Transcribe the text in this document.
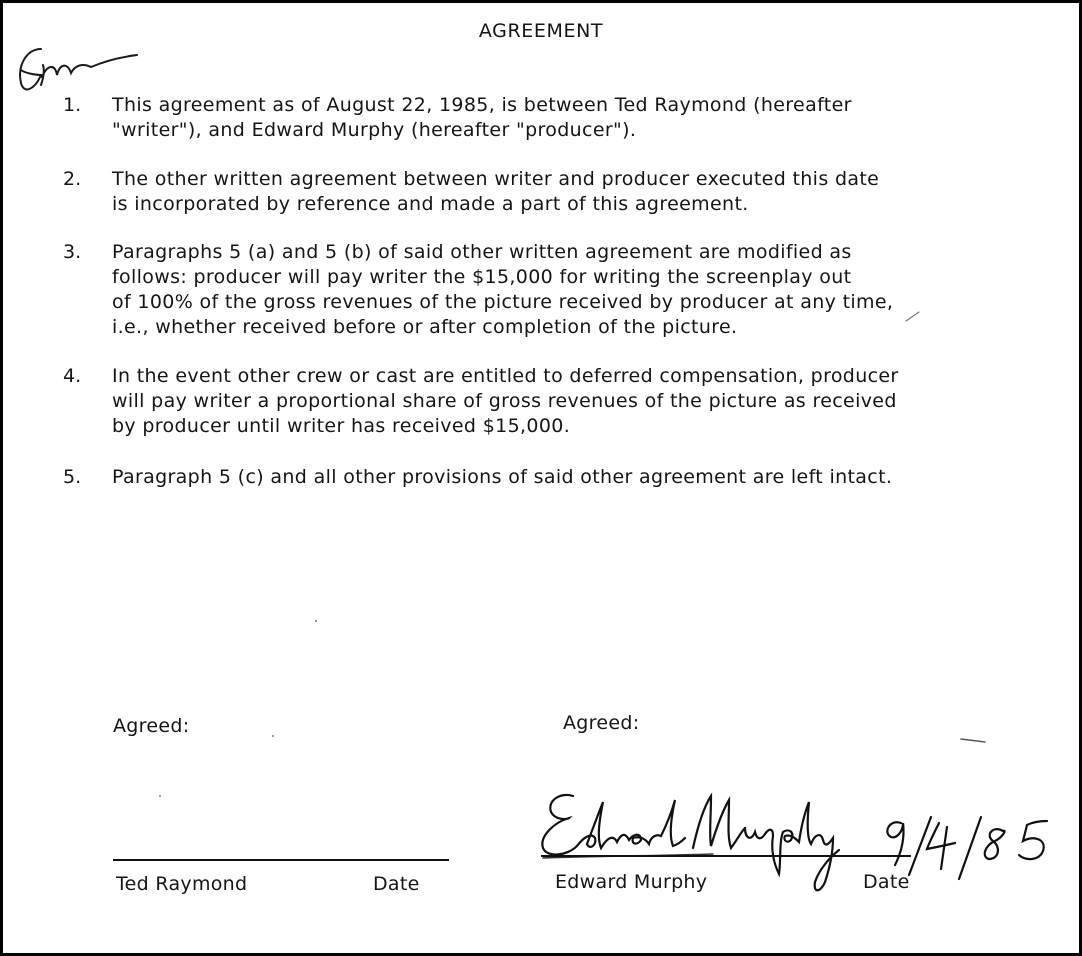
AGREEMENT
1. This agreement as of August 22, 1985, is between Ted Raymond (hereafter
"writer"), and Edward Murphy (hereafter "producer").
2. The other written agreement between writer and producer executed this date
is incorporated by reference and made a part of this agreement.
3. Paragraphs 5 (a) and 5 (b) of said other written agreement are modified as
follows: producer will pay writer the $15,000 for writing the screenplay out
of 100% of the gross revenues of the picture received by producer at any time,
i.e., whether received before or after completion of the picture.
4. In the event other crew or cast are entitled to deferred compensation, producer
will pay writer a proportional share of gross revenues of the picture as received
by producer until writer has received $15,000.
5. Paragraph 5 (c) and all other provisions of said other agreement are left intact.
Agreed:
Ted Raymond	Date
Agreed:
Edward Murphy	Date
